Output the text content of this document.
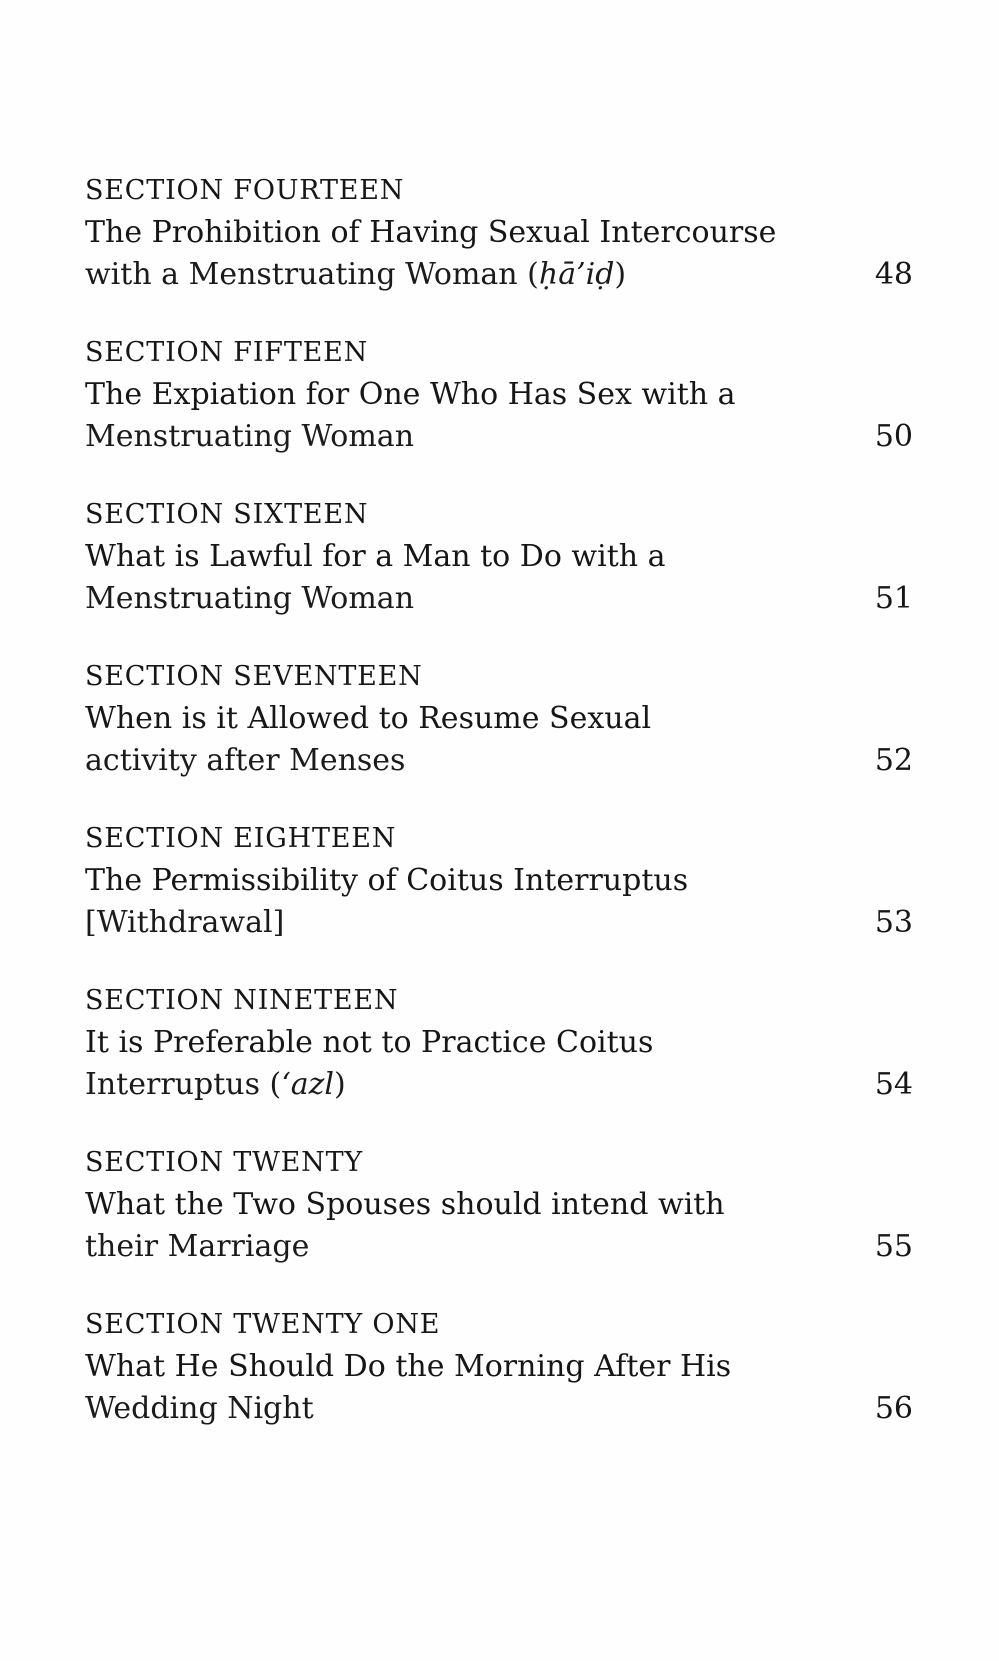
SECTION FOURTEEN
The Prohibition of Having Sexual Intercourse
with a Menstruating Woman (ḥā’iḍ)	48
SECTION FIFTEEN
The Expiation for One Who Has Sex with a
Menstruating Woman	50
SECTION SIXTEEN
What is Lawful for a Man to Do with a
Menstruating Woman	51
SECTION SEVENTEEN
When is it Allowed to Resume Sexual
activity after Menses	52
SECTION EIGHTEEN
The Permissibility of Coitus Interruptus
[Withdrawal]	53
SECTION NINETEEN
It is Preferable not to Practice Coitus
Interruptus (‘azl)	54
SECTION TWENTY
What the Two Spouses should intend with
their Marriage	55
SECTION TWENTY ONE
What He Should Do the Morning After His
Wedding Night	56
